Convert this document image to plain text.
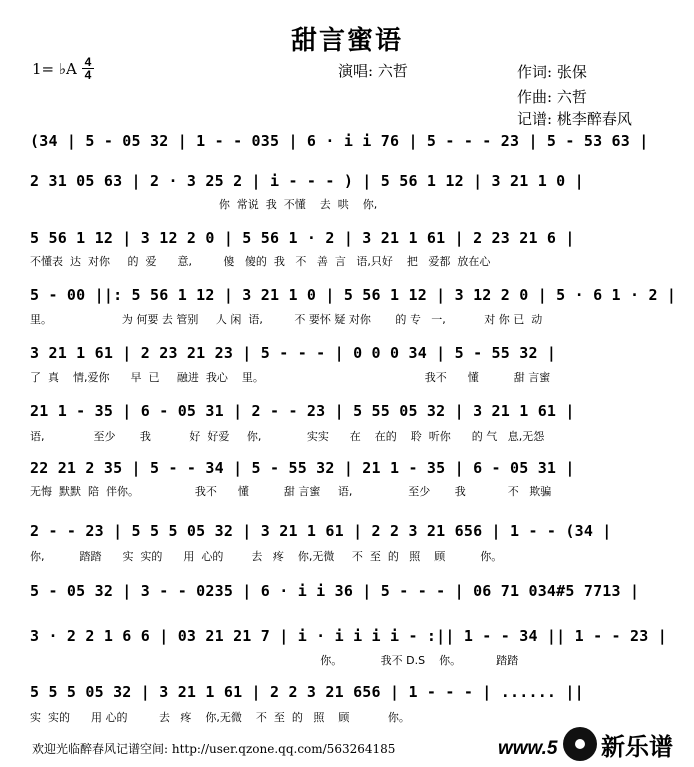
甜言蜜语
1= ♭A $\frac{4}{4}$	演唱: 六哲	作词: 张保
作曲: 六哲
记谱: 桃李醉春风
(34 | 5 - 05 32 | 1 - - 035 | 6 · i i 76 | 5 - - - 23 | 5 - 53 63 |
2 31 05 63 | 2 · 3 25 2 | i - - - ) | 5 56 1 12 | 3 21 1 0 |
你  常说  我  不懂    去  哄    你,
5 56 1 12 | 3 12 2 0 | 5 56 1 · 2 | 3 21 1 61 | 2 23 21 6 |
不懂表  达  对你     的  爱      意,         傻   傻的  我   不   善  言   语,只好    把   爱都  放在心
5 - 00 ||: 5 56 1 12 | 3 21 1 0 | 5 56 1 12 | 3 12 2 0 | 5 · 6 1 · 2 |
里。                    为 何要 去 管别     人 闲  语,         不 要怀 疑 对你       的 专   一,           对 你 已  动
3 21 1 61 | 2 23 21 23 | 5 - - - | 0 0 0 34 | 5 - 55 32 |
了  真    情,爱你      早  已     融进  我心    里。                                              我不      懂          甜 言蜜
21 1 - 35 | 6 - 05 31 | 2 - - 23 | 5 55 05 32 | 3 21 1 61 |
语,              至少       我           好  好爱     你,             实实      在    在的    聆  听你      的 气   息,无怨
22 21 2 35 | 5 - - 34 | 5 - 55 32 | 21 1 - 35 | 6 - 05 31 |
无悔  默默  陪  伴你。                我不      懂          甜 言蜜     语,                至少       我            不   欺骗
2 - - 23 | 5 5 5 05 32 | 3 21 1 61 | 2 2 3 21 656 | 1 - - (34 |
你,          踏踏      实  实的      用  心的        去   疼    你,无微     不  至  的   照    顾          你。
5 - 05 32 | 3 - - 0235 | 6 · i i 36 | 5 - - - | 06 71 034#5 7713 |
3 · 2 2 1 6 6 | 03 21 21 7 | i · i i i i - :|| 1 - - 34 || 1 - - 23 |
你。           我不 D.S    你。          踏踏
5 5 5 05 32 | 3 21 1 61 | 2 2 3 21 656 | 1 - - - | ...... ||
实  实的      用 心的         去   疼    你,无微    不  至  的   照    顾           你。
欢迎光临醉春风记谱空间: http://user.qzone.qq.com/563264185	www.5 新乐谱
